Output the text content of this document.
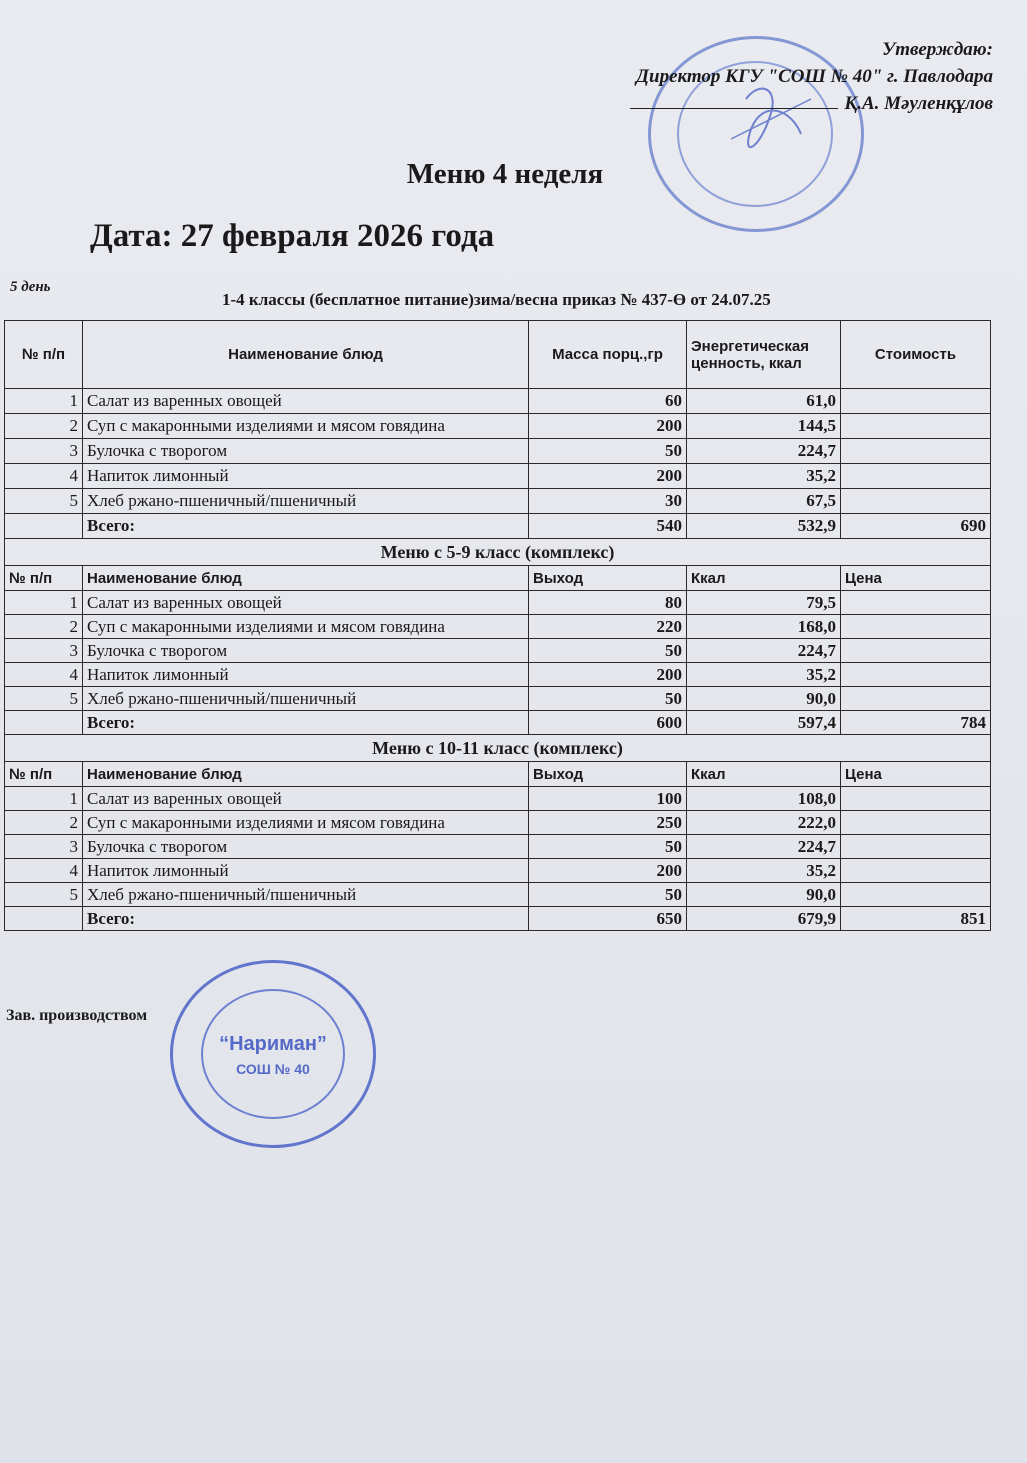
Утверждаю:
Директор КГУ "СОШ № 40" г. Павлодара
Қ.А. Мәуленқұлов
Меню 4 неделя
Дата: 27 февраля 2026 года
5 день
1-4 классы (бесплатное питание)зима/весна приказ № 437-Ө от 24.07.25
№ п/п	Наименование блюд	Масса порц.,гр	Энергетическая ценность, ккал	Стоимость
1	Салат из варенных овощей	60	61,0	
2	Суп с макаронными изделиями и мясом говядина	200	144,5	
3	Булочка с творогом	50	224,7	
4	Напиток лимонный	200	35,2	
5	Хлеб ржано-пшеничный/пшеничный	30	67,5	
	Всего:	540	532,9	690
Меню с 5-9 класс (комплекс)				
№ п/п	Наименование блюд	Выход	Ккал	Цена
1	Салат из варенных овощей	80	79,5	
2	Суп с макаронными изделиями и мясом говядина	220	168,0	
3	Булочка с творогом	50	224,7	
4	Напиток лимонный	200	35,2	
5	Хлеб ржано-пшеничный/пшеничный	50	90,0	
	Всего:	600	597,4	784
Меню с 10-11 класс (комплекс)				
№ п/п	Наименование блюд	Выход	Ккал	Цена
1	Салат из варенных овощей	100	108,0	
2	Суп с макаронными изделиями и мясом говядина	250	222,0	
3	Булочка с творогом	50	224,7	
4	Напиток лимонный	200	35,2	
5	Хлеб ржано-пшеничный/пшеничный	50	90,0	
	Всего:	650	679,9	851
Зав. производством
“Нариман”
СОШ № 40
